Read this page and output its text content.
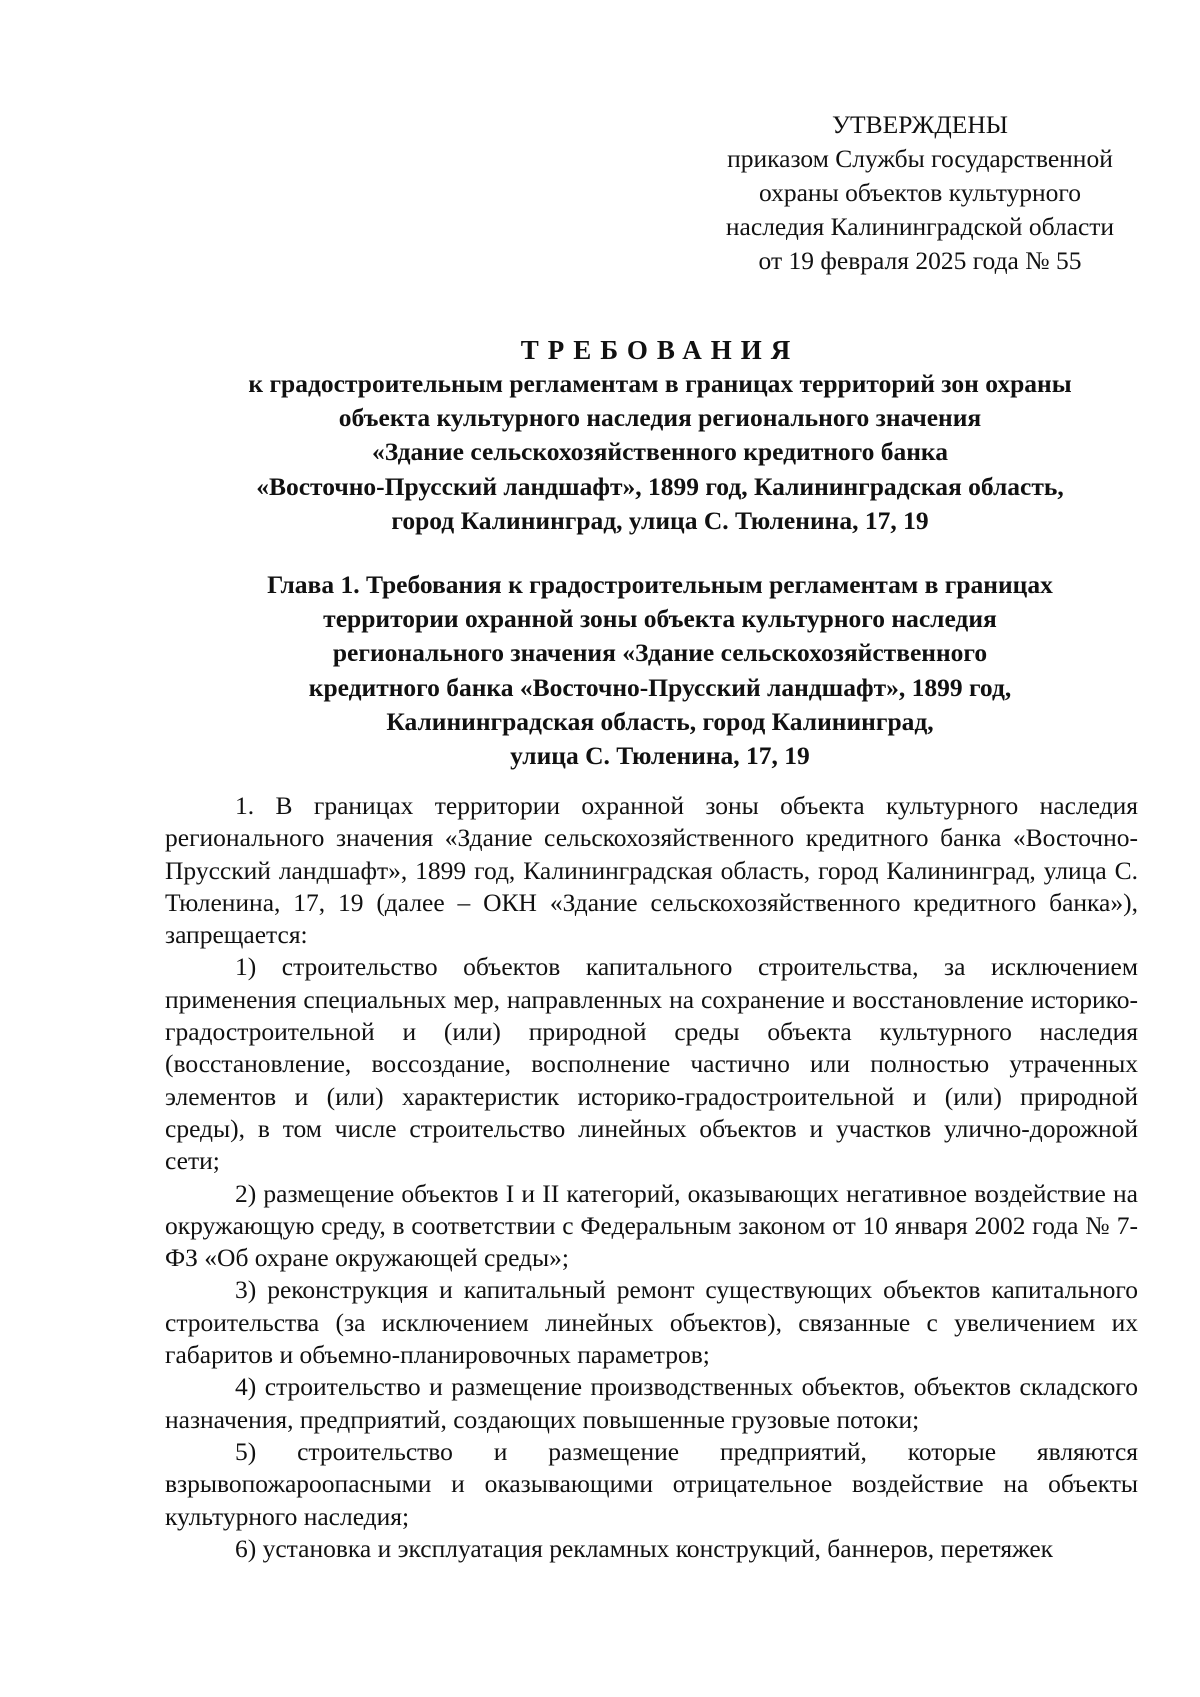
УТВЕРЖДЕНЫ
приказом Службы государственной
охраны объектов культурного
наследия Калининградской области
от 19 февраля 2025 года № 55
ТРЕБОВАНИЯ
к градостроительным регламентам в границах территорий зон охраны
объекта культурного наследия регионального значения
«Здание сельскохозяйственного кредитного банка
«Восточно-Прусский ландшафт», 1899 год, Калининградская область,
город Калининград, улица С. Тюленина, 17, 19
Глава 1. Требования к градостроительным регламентам в границах
территории охранной зоны объекта культурного наследия
регионального значения «Здание сельскохозяйственного
кредитного банка «Восточно-Прусский ландшафт», 1899 год,
Калининградская область, город Калининград,
улица С. Тюленина, 17, 19

1. В границах территории охранной зоны объекта культурного наследия регионального значения «Здание сельскохозяйственного кредитного банка «Восточно-Прусский ландшафт», 1899 год, Калининградская область, город Калининград, улица С. Тюленина, 17, 19 (далее – ОКН «Здание сельскохозяйственного кредитного банка»), запрещается:

1) строительство объектов капитального строительства, за исключением применения специальных мер, направленных на сохранение и восстановление историко-градостроительной и (или) природной среды объекта культурного наследия (восстановление, воссоздание, восполнение частично или полностью утраченных элементов и (или) характеристик историко-градостроительной и (или) природной среды), в том числе строительство линейных объектов и участков улично-дорожной сети;

2) размещение объектов I и II категорий, оказывающих негативное воздействие на окружающую среду, в соответствии с Федеральным законом от 10 января 2002 года № 7-ФЗ «Об охране окружающей среды»;

3) реконструкция и капитальный ремонт существующих объектов капитального строительства (за исключением линейных объектов), связанные с увеличением их габаритов и объемно-планировочных параметров;

4) строительство и размещение производственных объектов, объектов складского назначения, предприятий, создающих повышенные грузовые потоки;

5) строительство и размещение предприятий, которые являются взрывопожароопасными и оказывающими отрицательное воздействие на объекты культурного наследия;

6) установка и эксплуатация рекламных конструкций, баннеров, перетяжек
